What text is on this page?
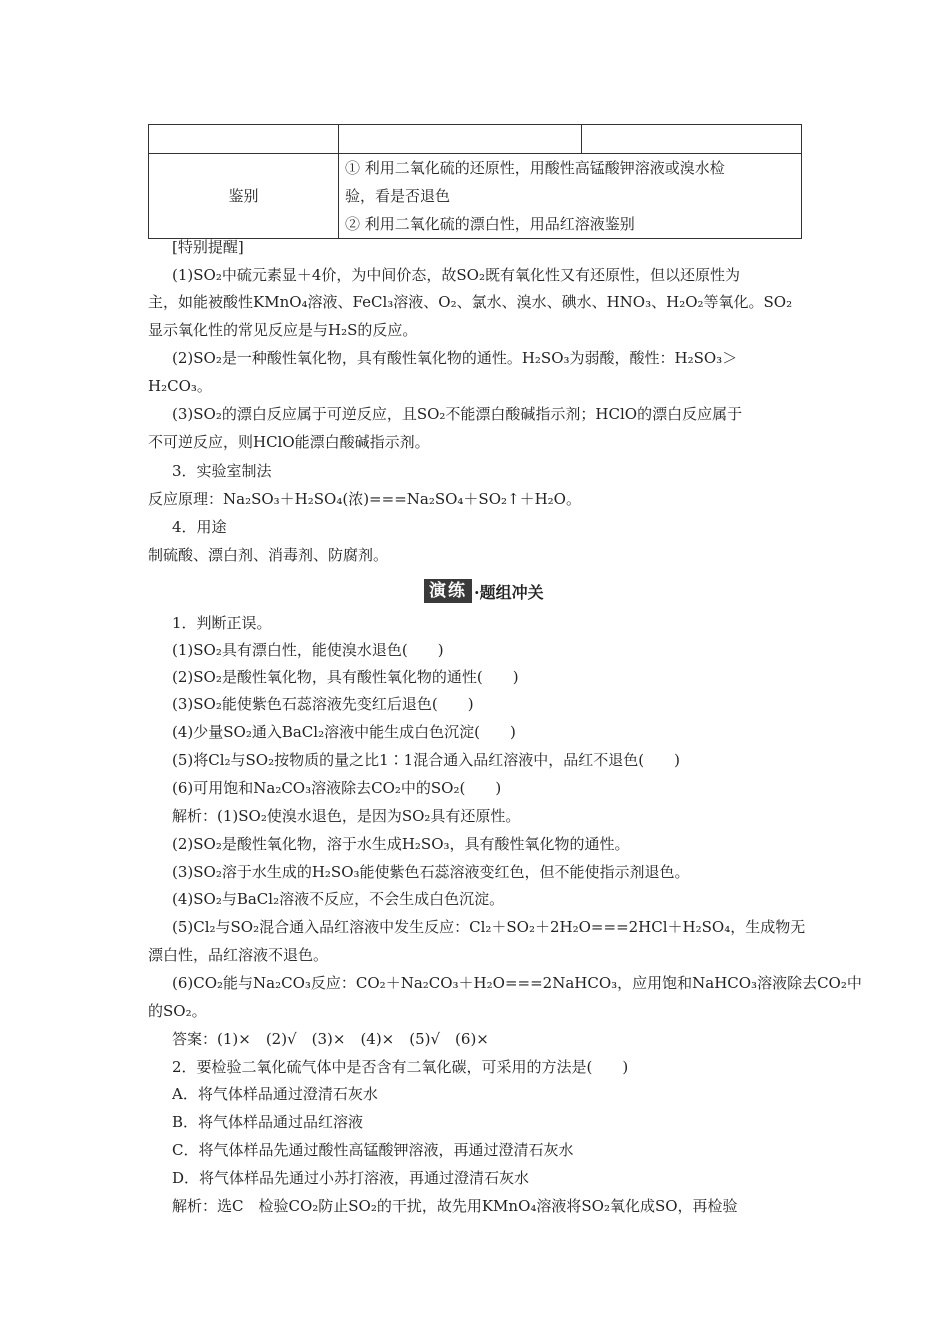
鉴别	① 利用二氧化硫的还原性，用酸性高锰酸钾溶液或溴水检
验，看是否退色
② 利用二氧化硫的漂白性，用品红溶液鉴别	
[特别提醒]
(1)SO₂中硫元素显＋4价，为中间价态，故SO₂既有氧化性又有还原性，但以还原性为
主，如能被酸性KMnO₄溶液、FeCl₃溶液、O₂、氯水、溴水、碘水、HNO₃、H₂O₂等氧化。SO₂
显示氧化性的常见反应是与H₂S的反应。
(2)SO₂是一种酸性氧化物，具有酸性氧化物的通性。H₂SO₃为弱酸，酸性：H₂SO₃＞
H₂CO₃。
(3)SO₂的漂白反应属于可逆反应，且SO₂不能漂白酸碱指示剂；HClO的漂白反应属于
不可逆反应，则HClO能漂白酸碱指示剂。
3．实验室制法
反应原理：Na₂SO₃＋H₂SO₄(浓)===Na₂SO₄＋SO₂↑＋H₂O。
4．用途
制硫酸、漂白剂、消毒剂、防腐剂。
演练 ·题组冲关
1．判断正误。
(1)SO₂具有漂白性，能使溴水退色(　　)
(2)SO₂是酸性氧化物，具有酸性氧化物的通性(　　)
(3)SO₂能使紫色石蕊溶液先变红后退色(　　)
(4)少量SO₂通入BaCl₂溶液中能生成白色沉淀(　　)
(5)将Cl₂与SO₂按物质的量之比1∶1混合通入品红溶液中，品红不退色(　　)
(6)可用饱和Na₂CO₃溶液除去CO₂中的SO₂(　　)
解析：(1)SO₂使溴水退色，是因为SO₂具有还原性。
(2)SO₂是酸性氧化物，溶于水生成H₂SO₃，具有酸性氧化物的通性。
(3)SO₂溶于水生成的H₂SO₃能使紫色石蕊溶液变红色，但不能使指示剂退色。
(4)SO₂与BaCl₂溶液不反应，不会生成白色沉淀。
(5)Cl₂与SO₂混合通入品红溶液中发生反应：Cl₂＋SO₂＋2H₂O===2HCl＋H₂SO₄，生成物无
漂白性，品红溶液不退色。
(6)CO₂能与Na₂CO₃反应：CO₂＋Na₂CO₃＋H₂O===2NaHCO₃，应用饱和NaHCO₃溶液除去CO₂中
的SO₂。
答案：(1)×　(2)√　(3)×　(4)×　(5)√　(6)×
2．要检验二氧化硫气体中是否含有二氧化碳，可采用的方法是(　　)
A．将气体样品通过澄清石灰水
B．将气体样品通过品红溶液
C．将气体样品先通过酸性高锰酸钾溶液，再通过澄清石灰水
D．将气体样品先通过小苏打溶液，再通过澄清石灰水
解析：选C　检验CO₂防止SO₂的干扰，故先用KMnO₄溶液将SO₂氧化成SO，再检验
